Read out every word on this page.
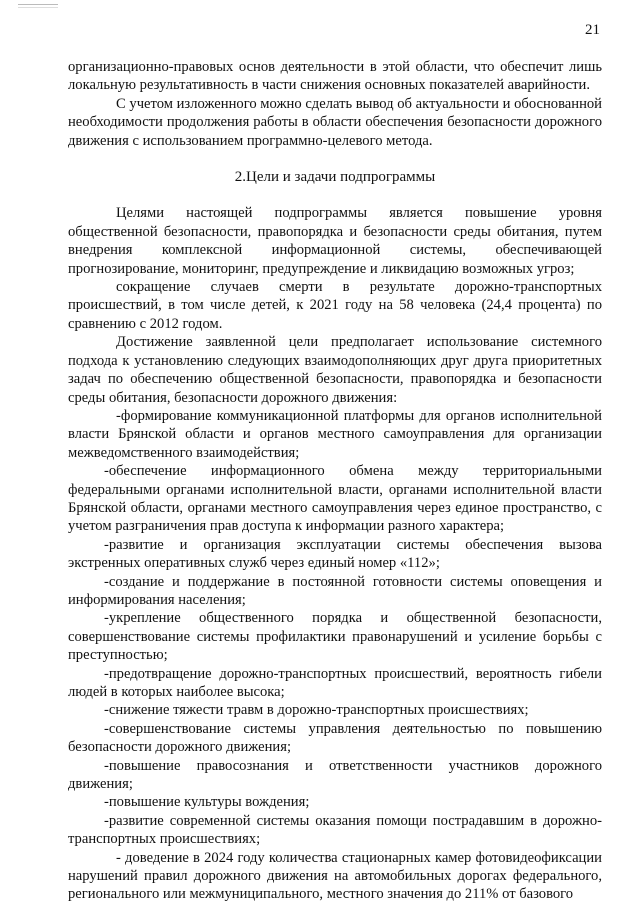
21

организационно-правовых основ деятельности в этой области, что обеспечит лишь локальную результативность в части снижения основных показателей аварийности.

С учетом изложенного можно сделать вывод об актуальности и обоснованной необходимости продолжения работы в области обеспечения безопасности дорожного движения с использованием программно-целевого метода.

2.Цели и задачи подпрограммы

Целями настоящей подпрограммы является повышение уровня общественной безопасности, правопорядка и безопасности среды обитания, путем внедрения комплексной информационной системы, обеспечивающей прогнозирование, мониторинг, предупреждение и ликвидацию возможных угроз;

сокращение случаев смерти в результате дорожно-транспортных происшествий, в том числе детей, к 2021 году на 58 человека (24,4 процента) по сравнению с 2012 годом.

Достижение заявленной цели предполагает использование системного подхода к установлению следующих взаимодополняющих друг друга приоритетных задач по обеспечению общественной безопасности, правопорядка и безопасности среды обитания, безопасности дорожного движения:

-формирование коммуникационной платформы для органов исполнительной власти Брянской области и органов местного самоуправления для организации межведомственного взаимодействия;

-обеспечение информационного обмена между территориальными федеральными органами исполнительной власти, органами исполнительной власти Брянской области, органами местного самоуправления через единое пространство, с учетом разграничения прав доступа к информации разного характера;

-развитие и организация эксплуатации системы обеспечения вызова экстренных оперативных служб через единый номер «112»;

-создание и поддержание в постоянной готовности системы оповещения и информирования населения;

-укрепление общественного порядка и общественной безопасности, совершенствование системы профилактики правонарушений и усиление борьбы с преступностью;

-предотвращение дорожно-транспортных происшествий, вероятность гибели людей в которых наиболее высока;

-снижение тяжести травм в дорожно-транспортных происшествиях;

-совершенствование системы управления деятельностью по повышению безопасности дорожного движения;

-повышение правосознания и ответственности участников дорожного движения;

-повышение культуры вождения;

-развитие современной системы оказания помощи пострадавшим в дорожно-транспортных происшествиях;

- доведение в 2024 году количества стационарных камер фотовидеофиксации нарушений правил дорожного движения на автомобильных дорогах федерального, регионального или межмуниципального, местного значения до 211% от базового
